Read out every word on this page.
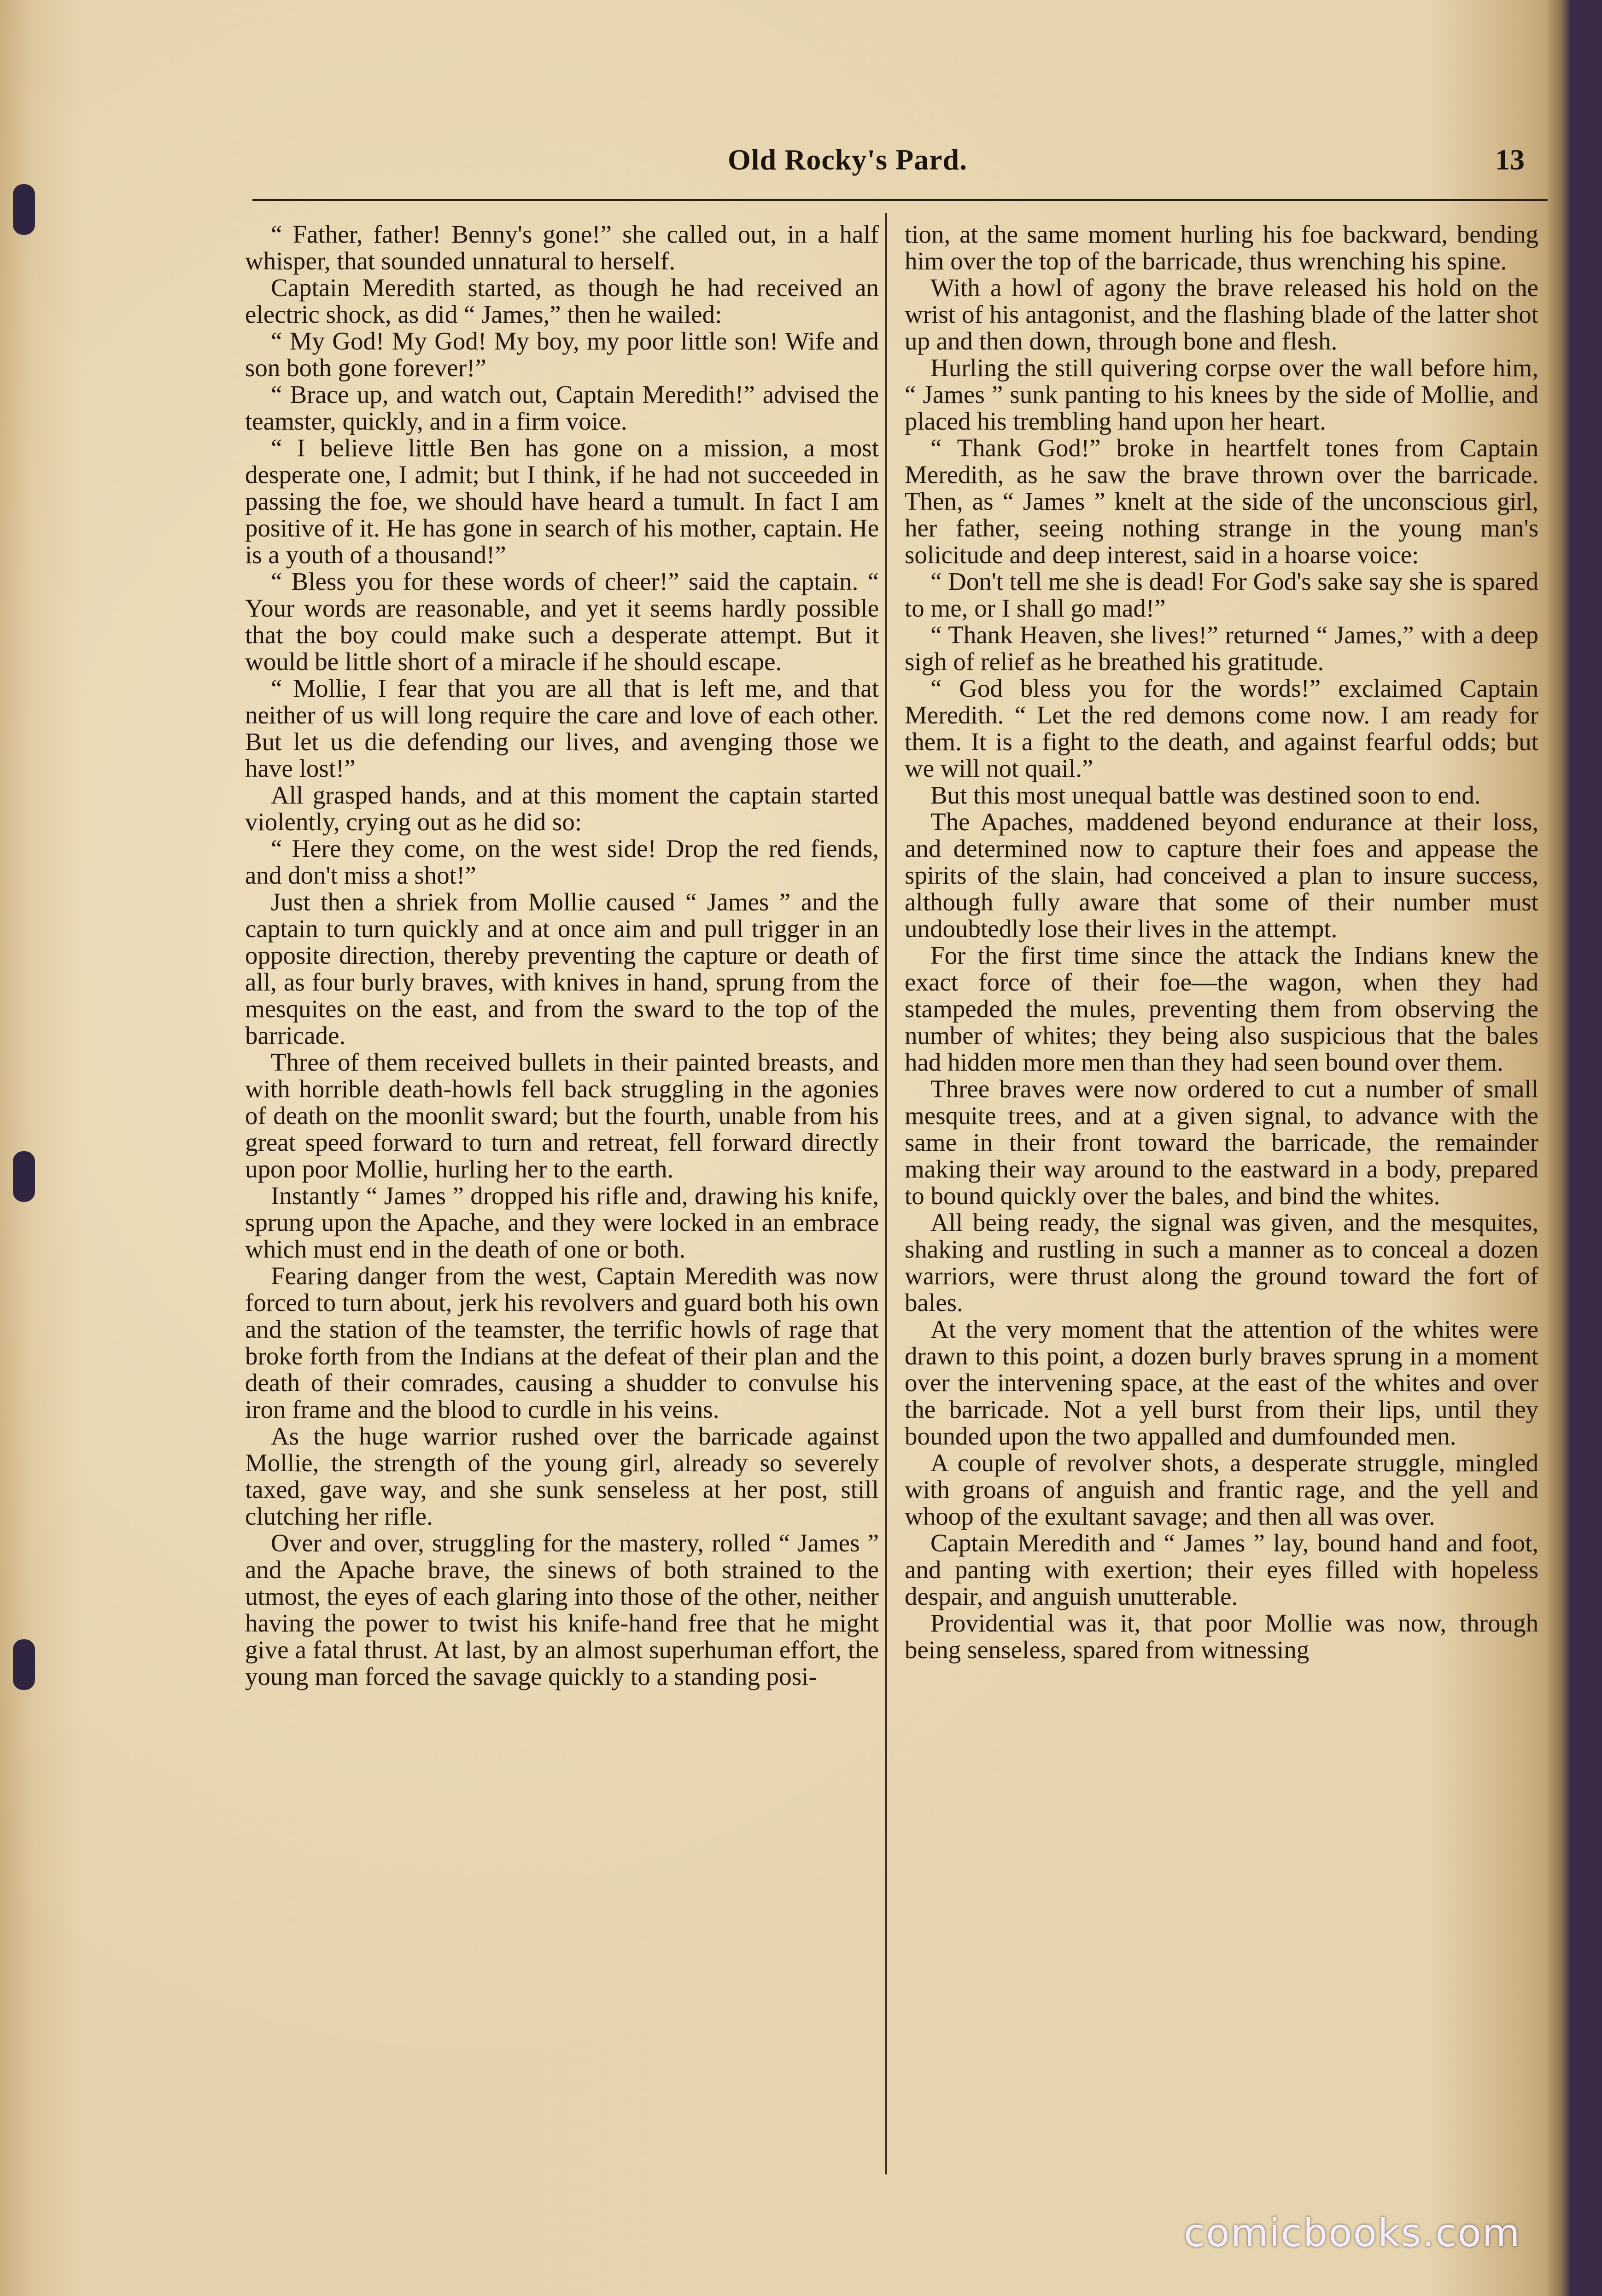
Old Rocky's Pard.	13

“ Father, father! Benny's gone!” she called out, in a half whisper, that sounded unnatural to herself.

Captain Meredith started, as though he had received an electric shock, as did “ James,” then he wailed:

“ My God! My God! My boy, my poor little son! Wife and son both gone forever!”

“ Brace up, and watch out, Captain Meredith!” advised the teamster, quickly, and in a firm voice.

“ I believe little Ben has gone on a mission, a most desperate one, I admit; but I think, if he had not succeeded in passing the foe, we should have heard a tumult. In fact I am positive of it. He has gone in search of his mother, captain. He is a youth of a thousand!”

“ Bless you for these words of cheer!” said the captain. “ Your words are reasonable, and yet it seems hardly possible that the boy could make such a desperate attempt. But it would be little short of a miracle if he should escape.

“ Mollie, I fear that you are all that is left me, and that neither of us will long require the care and love of each other. But let us die defending our lives, and avenging those we have lost!”

All grasped hands, and at this moment the captain started violently, crying out as he did so:

“ Here they come, on the west side! Drop the red fiends, and don't miss a shot!”

Just then a shriek from Mollie caused “ James ” and the captain to turn quickly and at once aim and pull trigger in an opposite direction, thereby preventing the capture or death of all, as four burly braves, with knives in hand, sprung from the mesquites on the east, and from the sward to the top of the barricade.

Three of them received bullets in their painted breasts, and with horrible death-howls fell back struggling in the agonies of death on the moonlit sward; but the fourth, unable from his great speed forward to turn and retreat, fell forward directly upon poor Mollie, hurling her to the earth.

Instantly “ James ” dropped his rifle and, drawing his knife, sprung upon the Apache, and they were locked in an embrace which must end in the death of one or both.

Fearing danger from the west, Captain Meredith was now forced to turn about, jerk his revolvers and guard both his own and the station of the teamster, the terrific howls of rage that broke forth from the Indians at the defeat of their plan and the death of their comrades, causing a shudder to convulse his iron frame and the blood to curdle in his veins.

As the huge warrior rushed over the barricade against Mollie, the strength of the young girl, already so severely taxed, gave way, and she sunk senseless at her post, still clutching her rifle.

Over and over, struggling for the mastery, rolled “ James ” and the Apache brave, the sinews of both strained to the utmost, the eyes of each glaring into those of the other, neither having the power to twist his knife-hand free that he might give a fatal thrust. At last, by an almost superhuman effort, the young man forced the savage quickly to a standing posi-

tion, at the same moment hurling his foe backward, bending him over the top of the barricade, thus wrenching his spine.

With a howl of agony the brave released his hold on the wrist of his antagonist, and the flashing blade of the latter shot up and then down, through bone and flesh.

Hurling the still quivering corpse over the wall before him, “ James ” sunk panting to his knees by the side of Mollie, and placed his trembling hand upon her heart.

“ Thank God!” broke in heartfelt tones from Captain Meredith, as he saw the brave thrown over the barricade. Then, as “ James ” knelt at the side of the unconscious girl, her father, seeing nothing strange in the young man's solicitude and deep interest, said in a hoarse voice:

“ Don't tell me she is dead! For God's sake say she is spared to me, or I shall go mad!”

“ Thank Heaven, she lives!” returned “ James,” with a deep sigh of relief as he breathed his gratitude.

“ God bless you for the words!” exclaimed Captain Meredith. “ Let the red demons come now. I am ready for them. It is a fight to the death, and against fearful odds; but we will not quail.”

But this most unequal battle was destined soon to end.

The Apaches, maddened beyond endurance at their loss, and determined now to capture their foes and appease the spirits of the slain, had conceived a plan to insure success, although fully aware that some of their number must undoubtedly lose their lives in the attempt.

For the first time since the attack the Indians knew the exact force of their foe—the wagon, when they had stampeded the mules, preventing them from observing the number of whites; they being also suspicious that the bales had hidden more men than they had seen bound over them.

Three braves were now ordered to cut a number of small mesquite trees, and at a given signal, to advance with the same in their front toward the barricade, the remainder making their way around to the eastward in a body, prepared to bound quickly over the bales, and bind the whites.

All being ready, the signal was given, and the mesquites, shaking and rustling in such a manner as to conceal a dozen warriors, were thrust along the ground toward the fort of bales.

At the very moment that the attention of the whites were drawn to this point, a dozen burly braves sprung in a moment over the intervening space, at the east of the whites and over the barricade. Not a yell burst from their lips, until they bounded upon the two appalled and dumfounded men.

A couple of revolver shots, a desperate struggle, mingled with groans of anguish and frantic rage, and the yell and whoop of the exultant savage; and then all was over.

Captain Meredith and “ James ” lay, bound hand and foot, and panting with exertion; their eyes filled with hopeless despair, and anguish unutterable.

Providential was it, that poor Mollie was now, through being senseless, spared from witnessing

comicbooks.com
